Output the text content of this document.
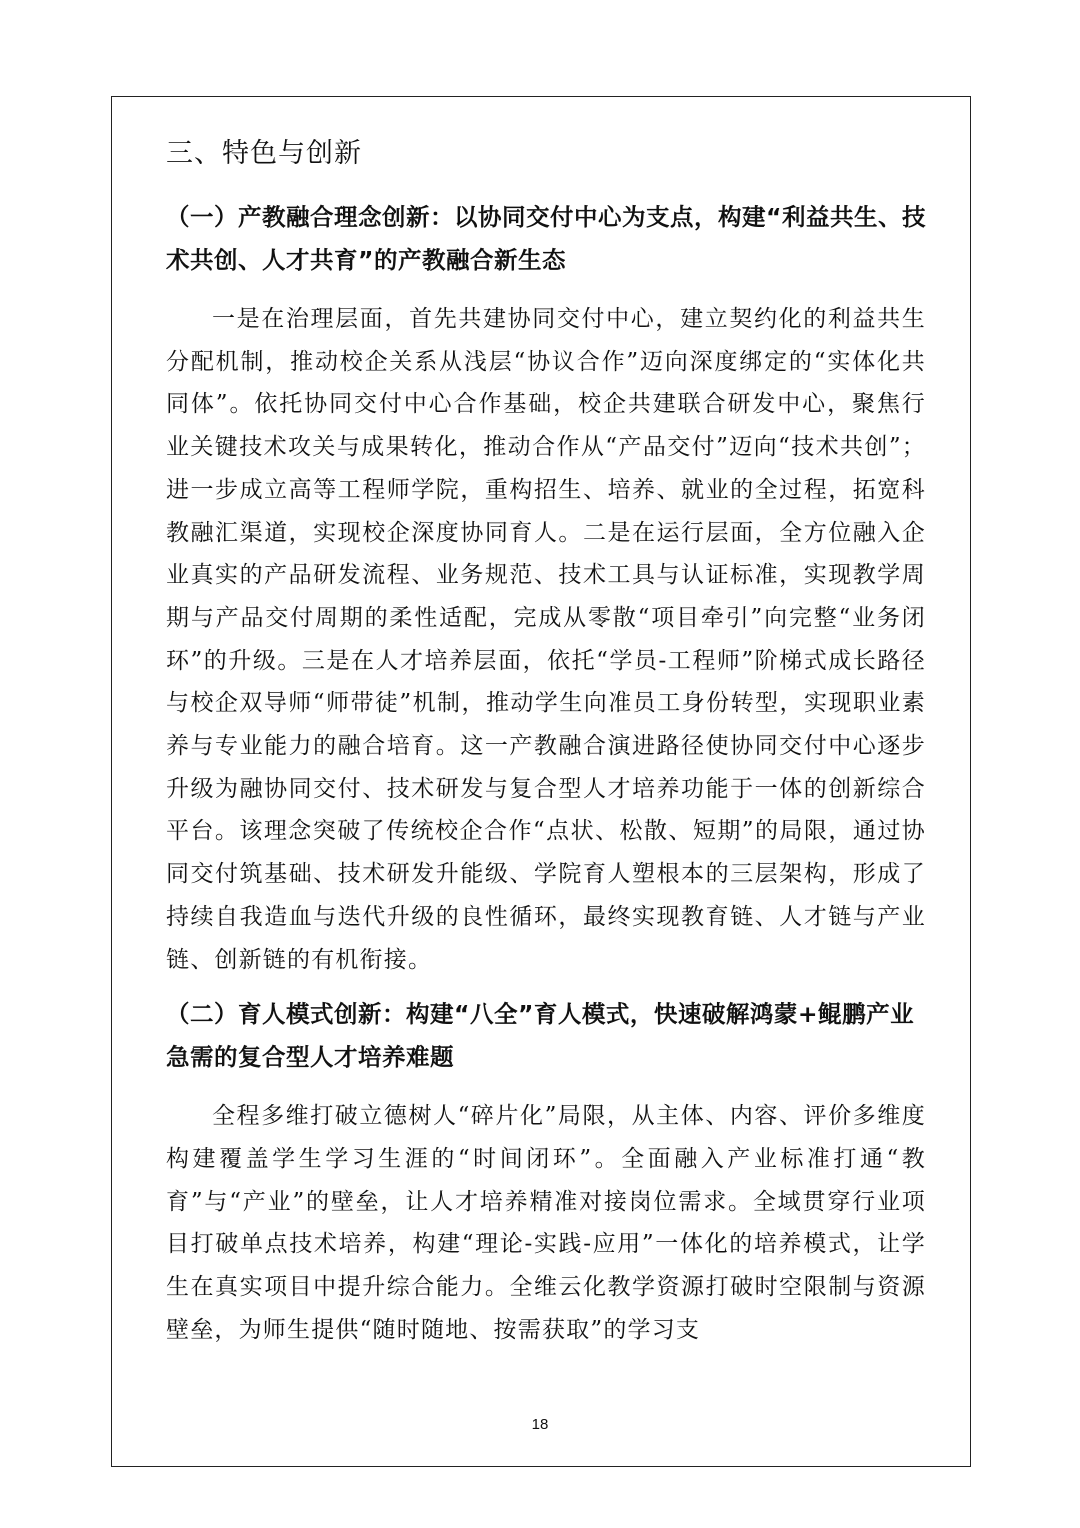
三、特色与创新
（一）产教融合理念创新：以协同交付中心为支点，构建“利益共生、技术共创、人才共育”的产教融合新生态

一是在治理层面，首先共建协同交付中心，建立契约化的利益共生分配机制，推动校企关系从浅层“协议合作”迈向深度绑定的“实体化共同体”。依托协同交付中心合作基础，校企共建联合研发中心，聚焦行业关键技术攻关与成果转化，推动合作从“产品交付”迈向“技术共创”；进一步成立高等工程师学院，重构招生、培养、就业的全过程，拓宽科教融汇渠道，实现校企深度协同育人。二是在运行层面，全方位融入企业真实的产品研发流程、业务规范、技术工具与认证标准，实现教学周期与产品交付周期的柔性适配，完成从零散“项目牵引”向完整“业务闭环”的升级。三是在人才培养层面，依托“学员-工程师”阶梯式成长路径与校企双导师“师带徒”机制，推动学生向准员工身份转型，实现职业素养与专业能力的融合培育。这一产教融合演进路径使协同交付中心逐步升级为融协同交付、技术研发与复合型人才培养功能于一体的创新综合平台。该理念突破了传统校企合作“点状、松散、短期”的局限，通过协同交付筑基础、技术研发升能级、学院育人塑根本的三层架构，形成了持续自我造血与迭代升级的良性循环，最终实现教育链、人才链与产业链、创新链的有机衔接。

（二）育人模式创新：构建“八全”育人模式，快速破解鸿蒙+鲲鹏产业急需的复合型人才培养难题

全程多维打破立德树人“碎片化”局限，从主体、内容、评价多维度构建覆盖学生学习生涯的“时间闭环”。全面融入产业标准打通“教育”与“产业”的壁垒，让人才培养精准对接岗位需求。全域贯穿行业项目打破单点技术培养，构建“理论-实践-应用”一体化的培养模式，让学生在真实项目中提升综合能力。全维云化教学资源打破时空限制与资源壁垒，为师生提供“随时随地、按需获取”的学习支

18
